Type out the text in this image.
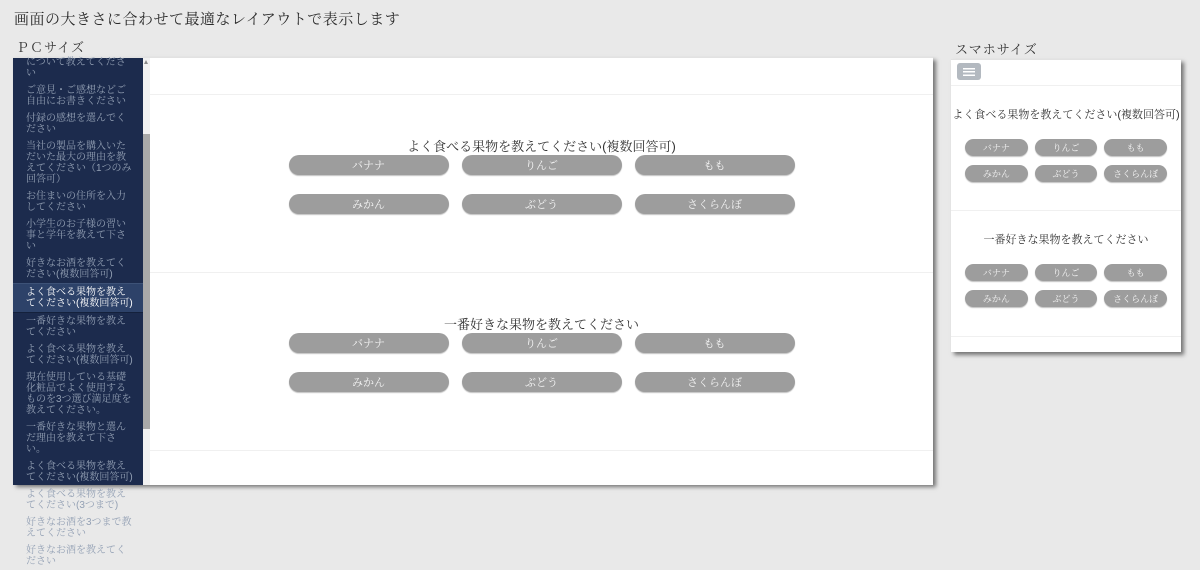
画面の大きさに合わせて最適なレイアウトで表示します
ＰＣサイズ	スマホサイズ
について教えてください
ご意見・ご感想などご自由にお書きください
付録の感想を選んでください
当社の製品を購入いただいた最大の理由を教えてください（1つのみ回答可）
お住まいの住所を入力してください
小学生のお子様の習い事と学年を教えて下さい
好きなお酒を教えてください(複数回答可)
よく食べる果物を教えてください(複数回答可)
一番好きな果物を教えてください
よく食べる果物を教えてください(複数回答可)
現在使用している基礎化粧品でよく使用するものを3つ選び満足度を教えてください。
一番好きな果物と選んだ理由を教えて下さい。
よく食べる果物を教えてください(複数回答可)
よく食べる果物を教えてください(3つまで)
好きなお酒を3つまで教えてください
好きなお酒を教えてください
よく食べる果物を教えてください(複数回答可)
バナナ	りんご	もも
みかん	ぶどう	さくらんぼ
一番好きな果物を教えてください
バナナ	りんご	もも
みかん	ぶどう	さくらんぼ
よく食べる果物を教えてください(複数回答可)
バナナ	りんご	もも
みかん	ぶどう	さくらんぼ
一番好きな果物を教えてください
バナナ	りんご	もも
みかん	ぶどう	さくらんぼ
